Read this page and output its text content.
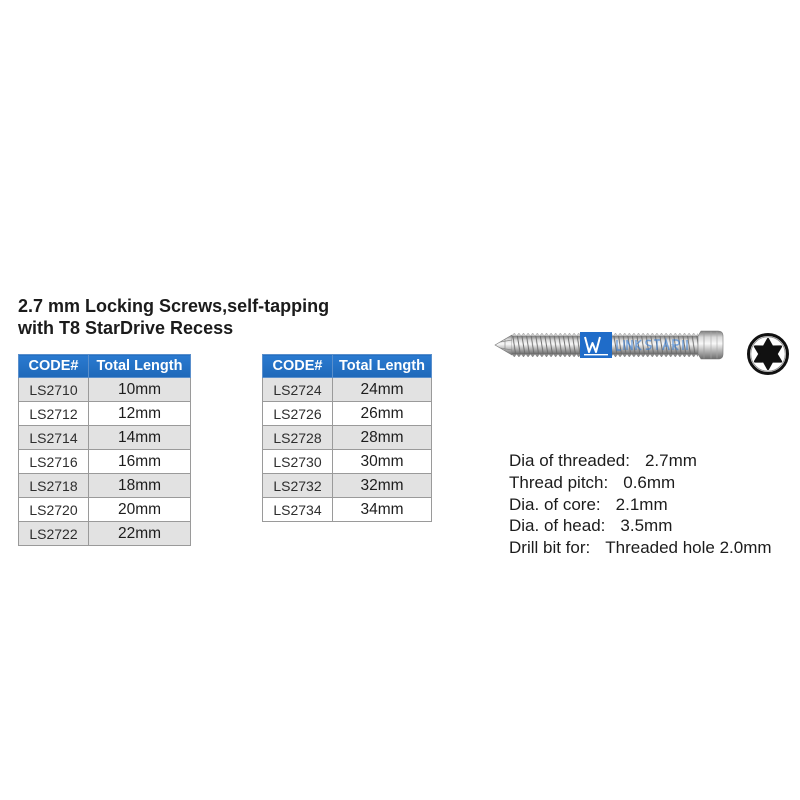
2.7 mm Locking Screws,self-tapping
with T8 StarDrive Recess
CODE#	Total Length
LS2710	10mm
LS2712	12mm
LS2714	14mm
LS2716	16mm
LS2718	18mm
LS2720	20mm
LS2722	22mm
CODE#	Total Length
LS2724	24mm
LS2726	26mm
LS2728	28mm
LS2730	30mm
LS2732	32mm
LS2734	34mm
Dia of threaded: 2.7mm
Thread pitch: 0.6mm
Dia. of core: 2.1mm
Dia. of head: 3.5mm
Drill bit for: Threaded hole 2.0mm
